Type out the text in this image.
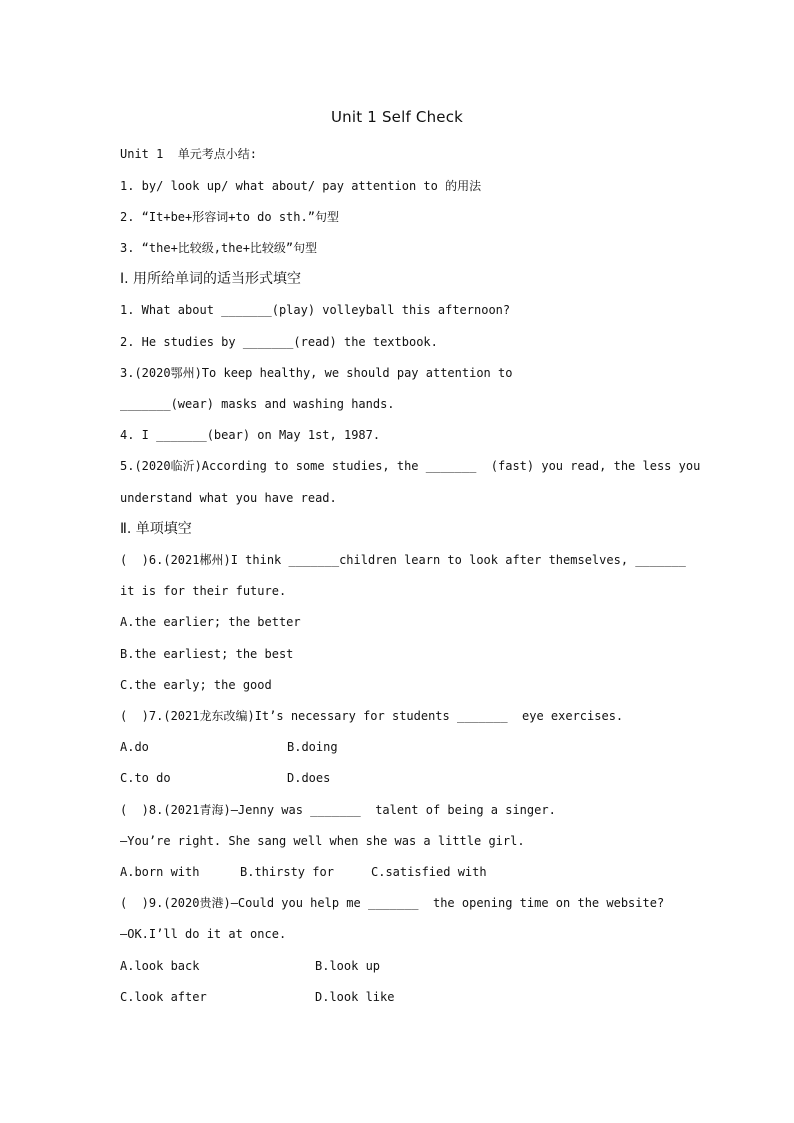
Unit 1 Self Check
Unit 1  单元考点小结:
1. by/ look up/ what about/ pay attention to 的用法
2. “It+be+形容词+to do sth.”句型
3. “the+比较级,the+比较级”句型
Ⅰ. 用所给单词的适当形式填空
1. What about _______(play) volleyball this afternoon?
2. He studies by _______(read) the textbook.
3.(2020鄂州)To keep healthy, we should pay attention to
_______(wear) masks and washing hands.
4. I _______(bear) on May 1st, 1987.
5.(2020临沂)According to some studies, the _______  (fast) you read, the less you
understand what you have read.
Ⅱ. 单项填空
(  )6.(2021郴州)I think _______children learn to look after themselves, _______
it is for their future.
A.the earlier; the better
B.the earliest; the best
C.the early; the good
(  )7.(2021龙东改编)It’s necessary for students _______  eye exercises.
A.do	B.doing
C.to do	D.does
(  )8.(2021青海)—Jenny was _______  talent of being a singer.
—You’re right. She sang well when she was a little girl.
A.born with	B.thirsty for	C.satisfied with
(  )9.(2020贵港)—Could you help me _______  the opening time on the website?
—OK.I’ll do it at once.
A.look back	B.look up
C.look after	D.look like
